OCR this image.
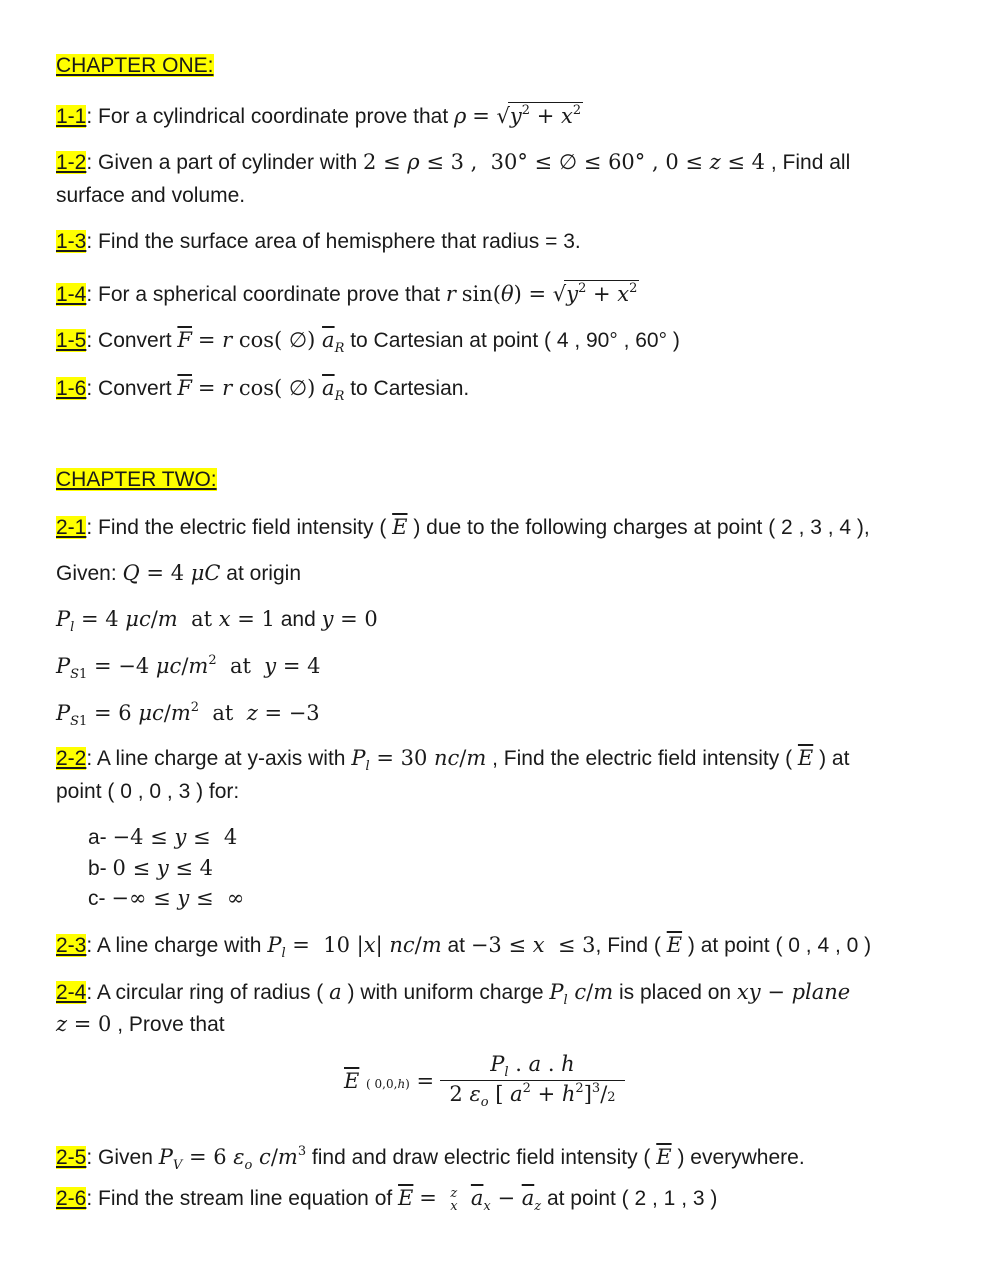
CHAPTER ONE:
1-1: For a cylindrical coordinate prove that $\rho = √y^2 + x^2$
1-2: Given a part of cylinder with 2 ≤ ρ ≤ 3 ,  30° ≤ ∅ ≤ 60° , 0 ≤ z ≤ 4 , Find all
surface and volume.
1-3: Find the surface area of hemisphere that radius = 3.
1-4: For a spherical coordinate prove that r $\sin(\theta) = √y^2 + x^2$
1-5: Convert $\overline{F} = r$ cos( ∅) $\overline{a}_R$ to Cartesian at point ( 4 , 90° , 60° )
1-6: Convert $\overline{F} = r$ cos( ∅) $\overline{a}_R$ to Cartesian.
CHAPTER TWO:
2-1: Find the electric field intensity ( $\overline{E}$ ) due to the following charges at point ( 2 , 3 , 4 ),
Given: Q = 4 μC at origin
$P_l = 4$ μc/m  at x = 1 and y = 0
$P_{S1} = -4$ $\mu c/m^2$  at  y = 4
$P_{S1} = 6$ $\mu c/m^2$  at  z = −3
2-2: A line charge at y-axis with $P_l = 30$ nc/m , Find the electric field intensity ( $\overline{E}$ ) at
point ( 0 , 0 , 3 ) for:
a- −4 ≤ y ≤  4
b- 0 ≤ y ≤ 4
c- −∞ ≤ y ≤  ∞
2-3: A line charge with $P_l = 10$ |x| nc/m at −3 ≤ x  ≤ 3, Find ( $\overline{E}$ ) at point ( 0 , 4 , 0 )
2-4: A circular ring of radius ( a ) with uniform charge $P_l$ c/m is placed on xy − plane
z = 0 , Prove that
$\overline{E}$ ( $0,0,h) = \frac{P_l . a . h}{2 \varepsilon_o [ a^2 + h^2]^3/2}$
2-5: Given $P_V = 6$ $\varepsilon_o$ $c/m^3$ find and draw electric field intensity ( $\overline{E}$ ) everywhere.
2-6: Find the stream line equation of $\overline{E} = z$
x $\overline{a}_x - \overline{a}_z$ at point ( 2 , 1 , 3 )
